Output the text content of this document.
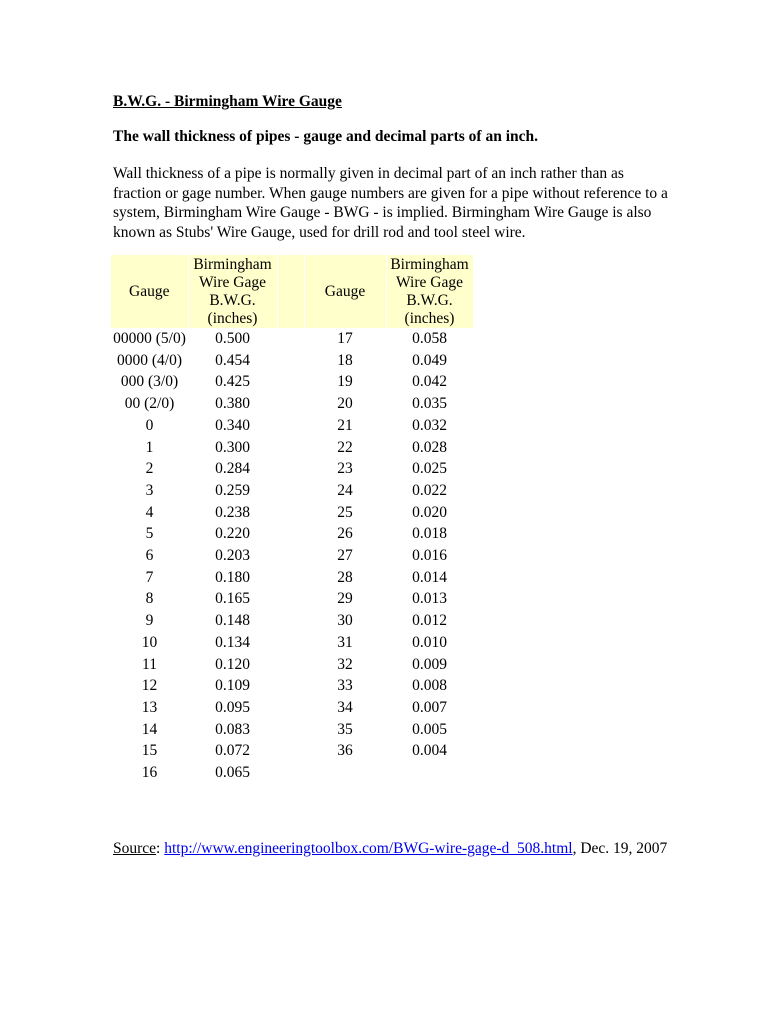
B.W.G. - Birmingham Wire Gauge
The wall thickness of pipes - gauge and decimal parts of an inch.

Wall thickness of a pipe is normally given in decimal part of an inch rather than as
fraction or gage number. When gauge numbers are given for a pipe without reference to a
system, Birmingham Wire Gauge - BWG - is implied. Birmingham Wire Gauge is also
known as Stubs' Wire Gauge, used for drill rod and tool steel wire.

Gauge	Birmingham
Wire Gage
B.W.G.
(inches)		Gauge	Birmingham
Wire Gage
B.W.G.
(inches)
00000 (5/0)	0.500		17	0.058
0000 (4/0)	0.454		18	0.049
000 (3/0)	0.425		19	0.042
00 (2/0)	0.380		20	0.035
0	0.340		21	0.032
1	0.300		22	0.028
2	0.284		23	0.025
3	0.259		24	0.022
4	0.238		25	0.020
5	0.220		26	0.018
6	0.203		27	0.016
7	0.180		28	0.014
8	0.165		29	0.013
9	0.148		30	0.012
10	0.134		31	0.010
11	0.120		32	0.009
12	0.109		33	0.008
13	0.095		34	0.007
14	0.083		35	0.005
15	0.072		36	0.004
16	0.065			

Source: http://www.engineeringtoolbox.com/BWG-wire-gage-d_508.html, Dec. 19, 2007
